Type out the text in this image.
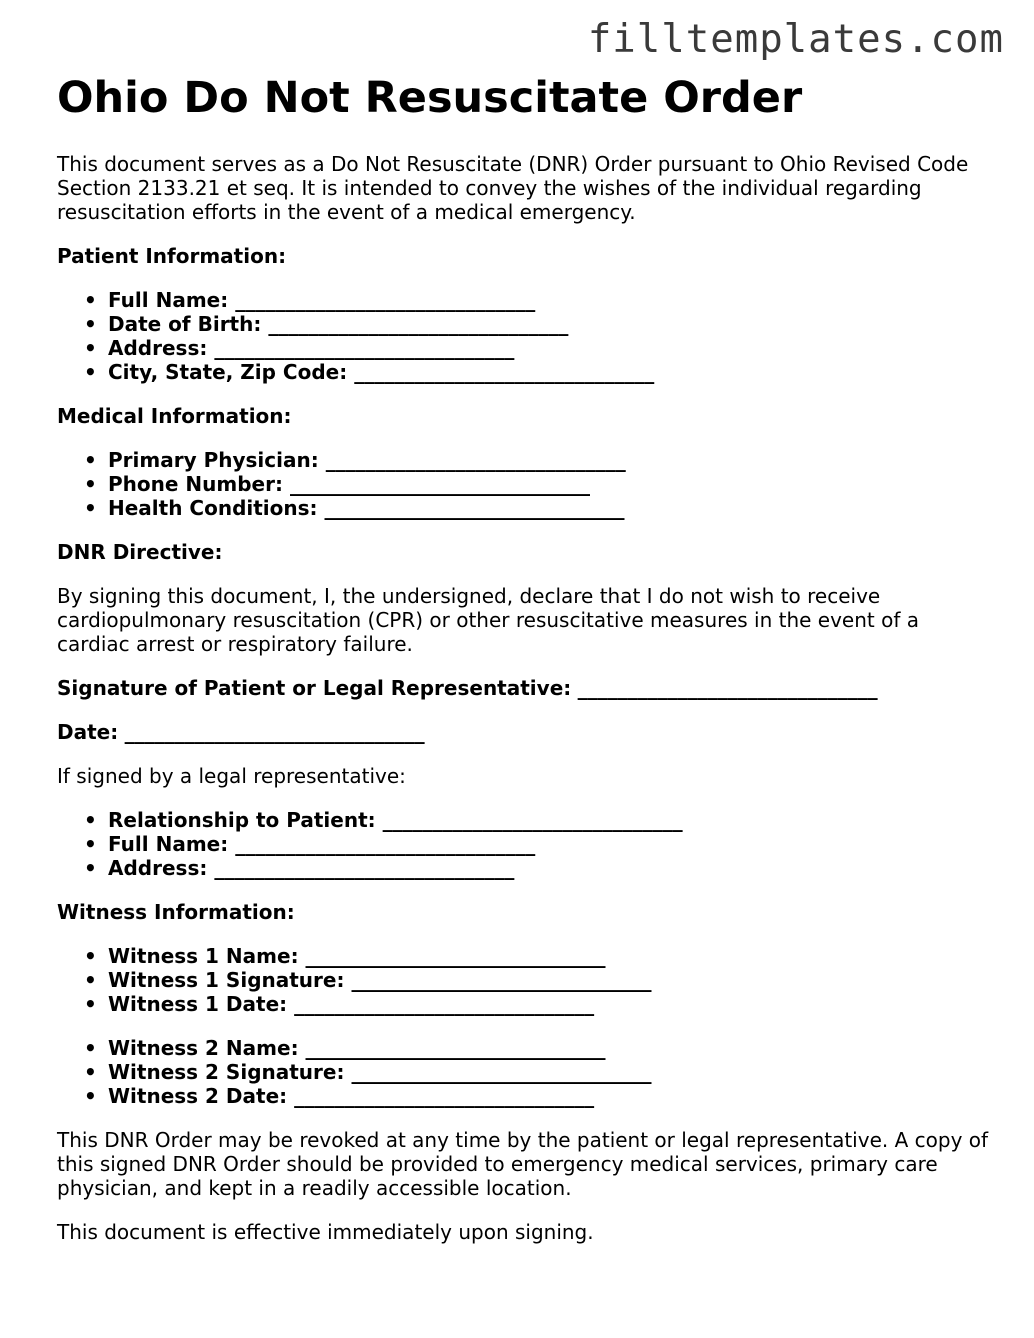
filltemplates.com

Ohio Do Not Resuscitate Order

This document serves as a Do Not Resuscitate (DNR) Order pursuant to Ohio Revised Code Section 2133.21 et seq. It is intended to convey the wishes of the individual regarding resuscitation efforts in the event of a medical emergency.

Patient Information:

• Full Name: ______________________________
• Date of Birth: ______________________________
• Address: ______________________________
• City, State, Zip Code: ______________________________

Medical Information:

• Primary Physician: ______________________________
• Phone Number: ______________________________
• Health Conditions: ______________________________

DNR Directive:

By signing this document, I, the undersigned, declare that I do not wish to receive cardiopulmonary resuscitation (CPR) or other resuscitative measures in the event of a cardiac arrest or respiratory failure.

Signature of Patient or Legal Representative: ______________________________

Date: ______________________________

If signed by a legal representative:

• Relationship to Patient: ______________________________
• Full Name: ______________________________
• Address: ______________________________

Witness Information:

• Witness 1 Name: ______________________________
• Witness 1 Signature: ______________________________
• Witness 1 Date: ______________________________
• Witness 2 Name: ______________________________
• Witness 2 Signature: ______________________________
• Witness 2 Date: ______________________________

This DNR Order may be revoked at any time by the patient or legal representative. A copy of this signed DNR Order should be provided to emergency medical services, primary care physician, and kept in a readily accessible location.

This document is effective immediately upon signing.
